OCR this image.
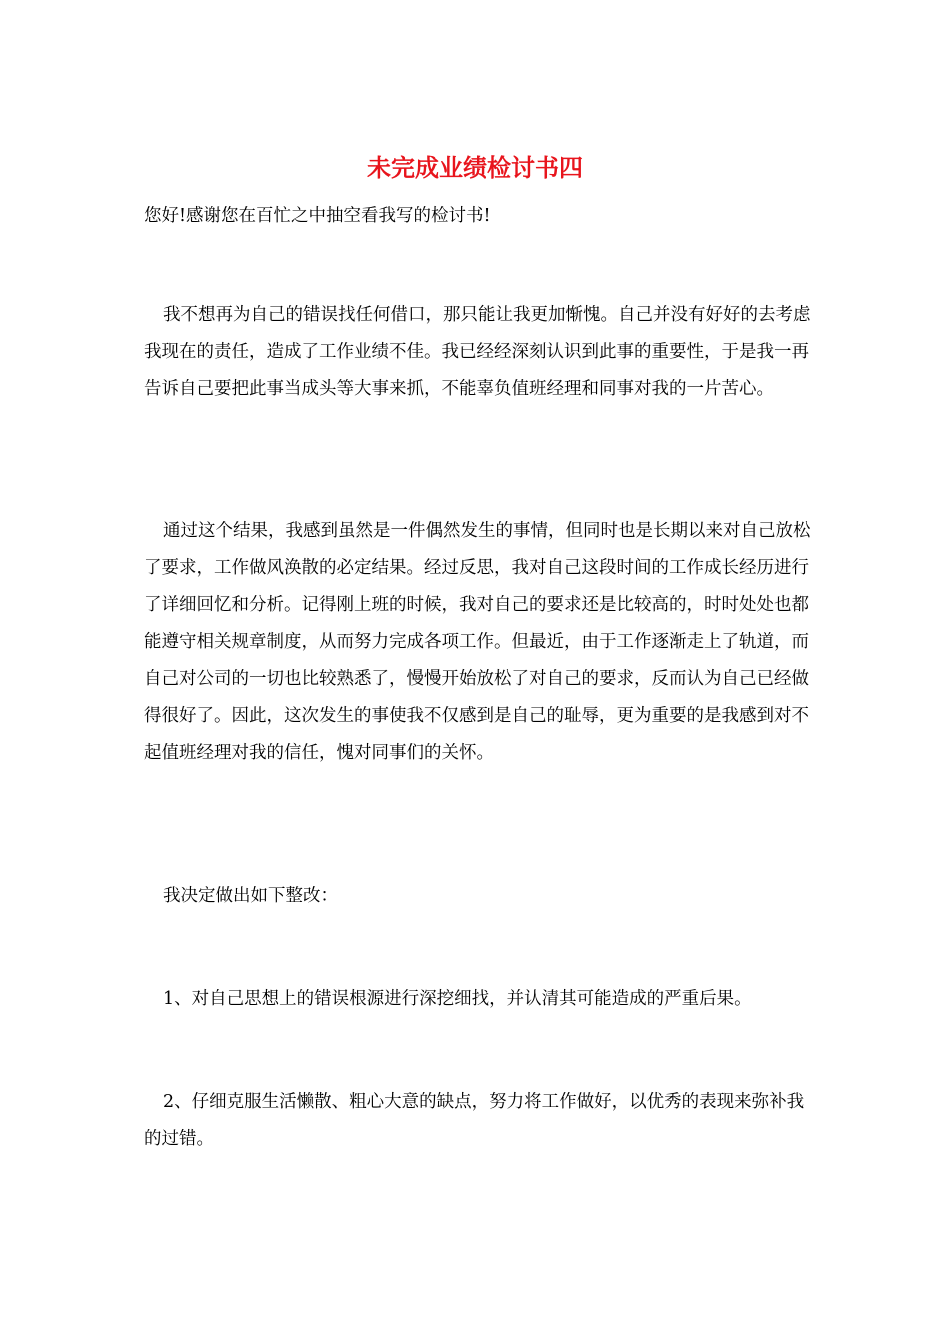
未完成业绩检讨书四

您好!感谢您在百忙之中抽空看我写的检讨书!

我不想再为自己的错误找任何借口，那只能让我更加惭愧。自己并没有好好的去考虑我现在的责任，造成了工作业绩不佳。我已经经深刻认识到此事的重要性，于是我一再告诉自己要把此事当成头等大事来抓，不能辜负值班经理和同事对我的一片苦心。

通过这个结果，我感到虽然是一件偶然发生的事情，但同时也是长期以来对自己放松了要求，工作做风涣散的必定结果。经过反思，我对自己这段时间的工作成长经历进行了详细回忆和分析。记得刚上班的时候，我对自己的要求还是比较高的，时时处处也都能遵守相关规章制度，从而努力完成各项工作。但最近，由于工作逐渐走上了轨道，而自己对公司的一切也比较熟悉了，慢慢开始放松了对自己的要求，反而认为自己已经做得很好了。因此，这次发生的事使我不仅感到是自己的耻辱，更为重要的是我感到对不起值班经理对我的信任，愧对同事们的关怀。

我决定做出如下整改：

1、对自己思想上的错误根源进行深挖细找，并认清其可能造成的严重后果。

2、仔细克服生活懒散、粗心大意的缺点，努力将工作做好，以优秀的表现来弥补我的过错。
